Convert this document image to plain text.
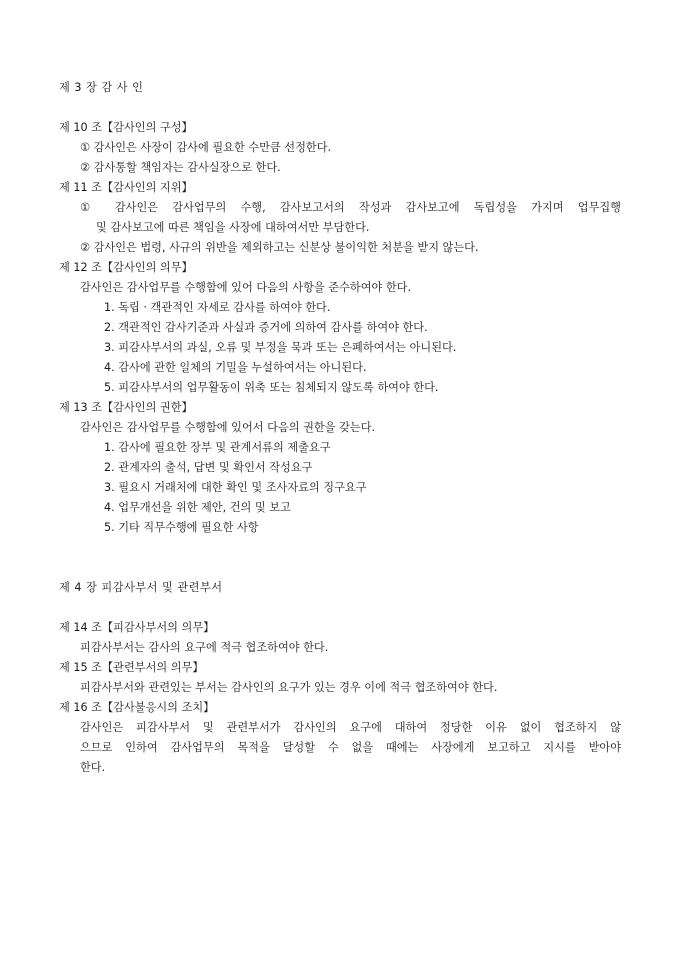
제 3 장 감 사 인
제 10 조【감사인의 구성】
① 감사인은 사장이 감사에 필요한 수만큼 선정한다.
② 감사통할 책임자는 감사실장으로 한다.
제 11 조【감사인의 지위】
① 감사인은 감사업무의 수행, 감사보고서의 작성과 감사보고에 독립성을 가지며 업무집행
및 감사보고에 따른 책임을 사장에 대하여서만 부담한다.
② 감사인은 법령, 사규의 위반을 제외하고는 신분상 불이익한 처분을 받지 않는다.
제 12 조【감사인의 의무】
감사인은 감사업무를 수행함에 있어 다음의 사항을 준수하여야 한다.
1. 독립 · 객관적인 자세로 감사를 하여야 한다.
2. 객관적인 감사기준과 사실과 증거에 의하여 감사를 하여야 한다.
3. 피감사부서의 과실, 오류 및 부정을 묵과 또는 은폐하여서는 아니된다.
4. 감사에 관한 일체의 기밀을 누설하여서는 아니된다.
5. 피감사부서의 업무활동이 위축 또는 침체되지 않도록 하여야 한다.
제 13 조【감사인의 권한】
감사인은 감사업무를 수행함에 있어서 다음의 권한을 갖는다.
1. 감사에 필요한 장부 및 관계서류의 제출요구
2. 관계자의 출석, 답변 및 확인서 작성요구
3. 필요시 거래처에 대한 확인 및 조사자료의 징구요구
4. 업무개선을 위한 제안, 건의 및 보고
5. 기타 직무수행에 필요한 사항
제 4 장 피감사부서 및 관련부서
제 14 조【피감사부서의 의무】
피감사부서는 감사의 요구에 적극 협조하여야 한다.
제 15 조【관련부서의 의무】
피감사부서와 관련있는 부서는 감사인의 요구가 있는 경우 이에 적극 협조하여야 한다.
제 16 조【감사불응시의 조치】
감사인은 피감사부서 및 관련부서가 감사인의 요구에 대하여 정당한 이유 없이 협조하지 않
으므로 인하여 감사업무의 목적을 달성할 수 없을 때에는 사장에게 보고하고 지시를 받아야
한다.
